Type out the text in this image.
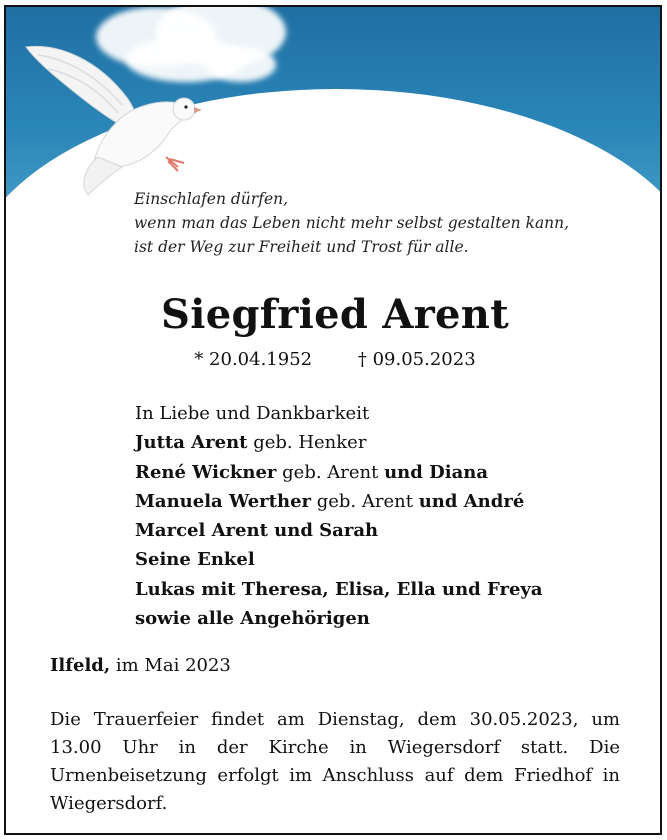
Einschlafen dürfen,
wenn man das Leben nicht mehr selbst gestalten kann,
ist der Weg zur Freiheit und Trost für alle.
Siegfried Arent
* 20.04.1952	† 09.05.2023
In Liebe und Dankbarkeit
Jutta Arent geb. Henker
René Wickner geb. Arent und Diana
Manuela Werther geb. Arent und André
Marcel Arent und Sarah
Seine Enkel
Lukas mit Theresa, Elisa, Ella und Freya
sowie alle Angehörigen
Ilfeld, im Mai 2023
Die Trauerfeier findet am Dienstag, dem 30.05.2023, um 13.00 Uhr in der Kirche in Wiegersdorf statt. Die Urnenbeisetzung erfolgt im Anschluss auf dem Friedhof in Wiegersdorf.
